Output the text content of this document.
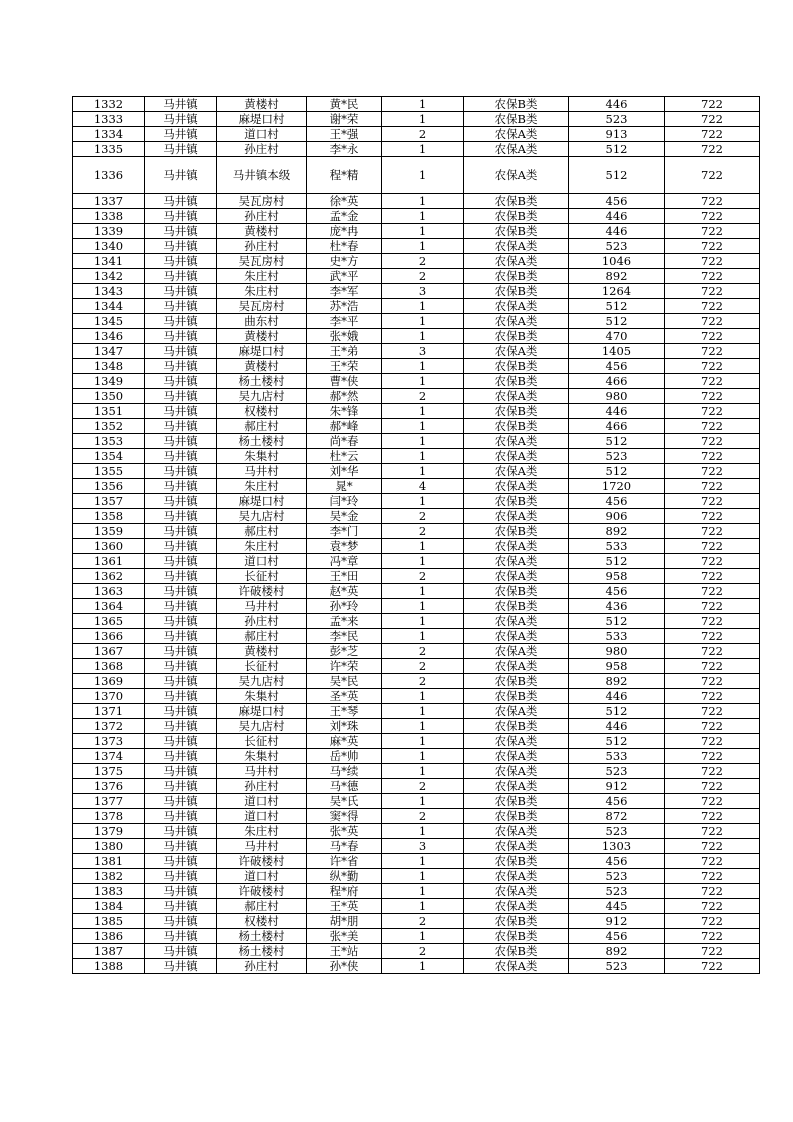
1332	马井镇	黄楼村	黄*民	1	农保B类	446	722
1333	马井镇	麻堤口村	谢*荣	1	农保B类	523	722
1334	马井镇	道口村	王*强	2	农保A类	913	722
1335	马井镇	孙庄村	李*永	1	农保A类	512	722
1336	马井镇	马井镇本级	程*精	1	农保A类	512	722
1337	马井镇	吴瓦房村	徐*英	1	农保B类	456	722
1338	马井镇	孙庄村	孟*金	1	农保B类	446	722
1339	马井镇	黄楼村	庞*冉	1	农保B类	446	722
1340	马井镇	孙庄村	杜*春	1	农保A类	523	722
1341	马井镇	吴瓦房村	史*方	2	农保A类	1046	722
1342	马井镇	朱庄村	武*平	2	农保B类	892	722
1343	马井镇	朱庄村	李*军	3	农保B类	1264	722
1344	马井镇	吴瓦房村	苏*浩	1	农保A类	512	722
1345	马井镇	曲东村	李*平	1	农保A类	512	722
1346	马井镇	黄楼村	张*娥	1	农保B类	470	722
1347	马井镇	麻堤口村	王*弟	3	农保A类	1405	722
1348	马井镇	黄楼村	王*荣	1	农保B类	456	722
1349	马井镇	杨土楼村	曹*侠	1	农保B类	466	722
1350	马井镇	吴九店村	郝*然	2	农保A类	980	722
1351	马井镇	权楼村	朱*锋	1	农保B类	446	722
1352	马井镇	郝庄村	郝*峰	1	农保B类	466	722
1353	马井镇	杨土楼村	尚*春	1	农保A类	512	722
1354	马井镇	朱集村	杜*云	1	农保A类	523	722
1355	马井镇	马井村	刘*华	1	农保A类	512	722
1356	马井镇	朱庄村	晁*	4	农保A类	1720	722
1357	马井镇	麻堤口村	闫*玲	1	农保B类	456	722
1358	马井镇	吴九店村	吴*金	2	农保A类	906	722
1359	马井镇	郝庄村	李*门	2	农保B类	892	722
1360	马井镇	朱庄村	袁*梦	1	农保A类	533	722
1361	马井镇	道口村	冯*章	1	农保A类	512	722
1362	马井镇	长征村	王*田	2	农保A类	958	722
1363	马井镇	许破楼村	赵*英	1	农保B类	456	722
1364	马井镇	马井村	孙*玲	1	农保B类	436	722
1365	马井镇	孙庄村	孟*来	1	农保A类	512	722
1366	马井镇	郝庄村	李*民	1	农保A类	533	722
1367	马井镇	黄楼村	彭*芝	2	农保A类	980	722
1368	马井镇	长征村	许*荣	2	农保A类	958	722
1369	马井镇	吴九店村	吴*民	2	农保B类	892	722
1370	马井镇	朱集村	圣*英	1	农保B类	446	722
1371	马井镇	麻堤口村	王*琴	1	农保A类	512	722
1372	马井镇	吴九店村	刘*珠	1	农保B类	446	722
1373	马井镇	长征村	麻*英	1	农保A类	512	722
1374	马井镇	朱集村	岳*帅	1	农保A类	533	722
1375	马井镇	马井村	马*续	1	农保A类	523	722
1376	马井镇	孙庄村	马*德	2	农保A类	912	722
1377	马井镇	道口村	吴*氏	1	农保B类	456	722
1378	马井镇	道口村	窦*得	2	农保B类	872	722
1379	马井镇	朱庄村	张*英	1	农保A类	523	722
1380	马井镇	马井村	马*春	3	农保A类	1303	722
1381	马井镇	许破楼村	许*省	1	农保B类	456	722
1382	马井镇	道口村	纵*勤	1	农保A类	523	722
1383	马井镇	许破楼村	程*府	1	农保A类	523	722
1384	马井镇	郝庄村	王*英	1	农保A类	445	722
1385	马井镇	权楼村	胡*朋	2	农保B类	912	722
1386	马井镇	杨土楼村	张*美	1	农保B类	456	722
1387	马井镇	杨土楼村	王*站	2	农保B类	892	722
1388	马井镇	孙庄村	孙*侠	1	农保A类	523	722
